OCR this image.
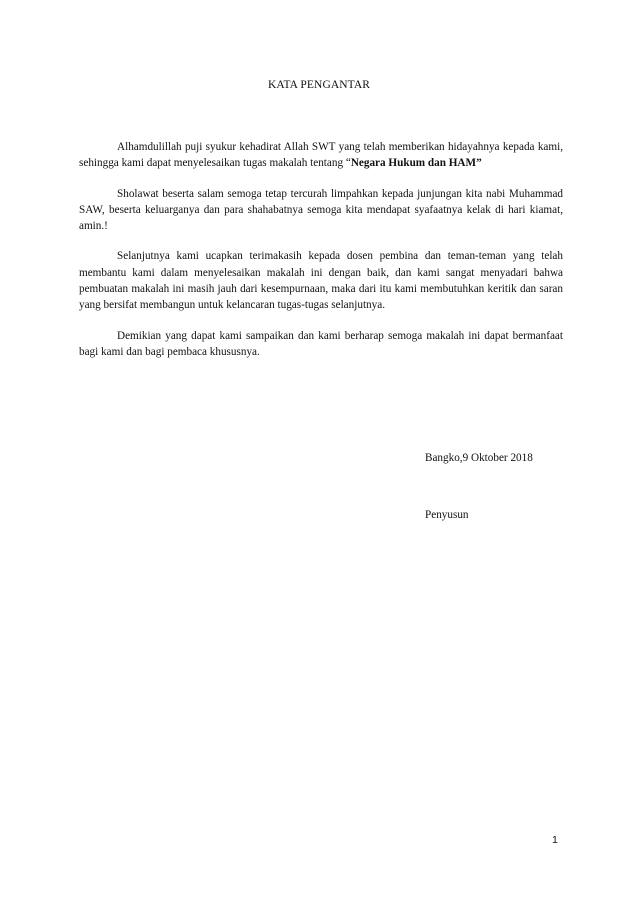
KATA PENGANTAR

Alhamdulillah puji syukur kehadirat Allah SWT yang telah memberikan hidayahnya kepada kami, sehingga kami dapat menyelesaikan tugas makalah tentang “Negara Hukum dan HAM”

Sholawat beserta salam semoga tetap tercurah limpahkan kepada junjungan kita nabi Muhammad SAW, beserta keluarganya dan para shahabatnya semoga kita mendapat syafaatnya kelak di hari kiamat, amin.!

Selanjutnya kami ucapkan terimakasih kepada dosen pembina dan teman-teman yang telah membantu kami dalam menyelesaikan makalah ini dengan baik, dan kami sangat menyadari bahwa pembuatan makalah ini masih jauh dari kesempurnaan, maka dari itu kami membutuhkan keritik dan saran yang bersifat membangun untuk kelancaran tugas-tugas selanjutnya.

Demikian yang dapat kami sampaikan dan kami berharap semoga makalah ini dapat bermanfaat bagi kami dan bagi pembaca khususnya.

Bangko,9 Oktober 2018

Penyusun

1
